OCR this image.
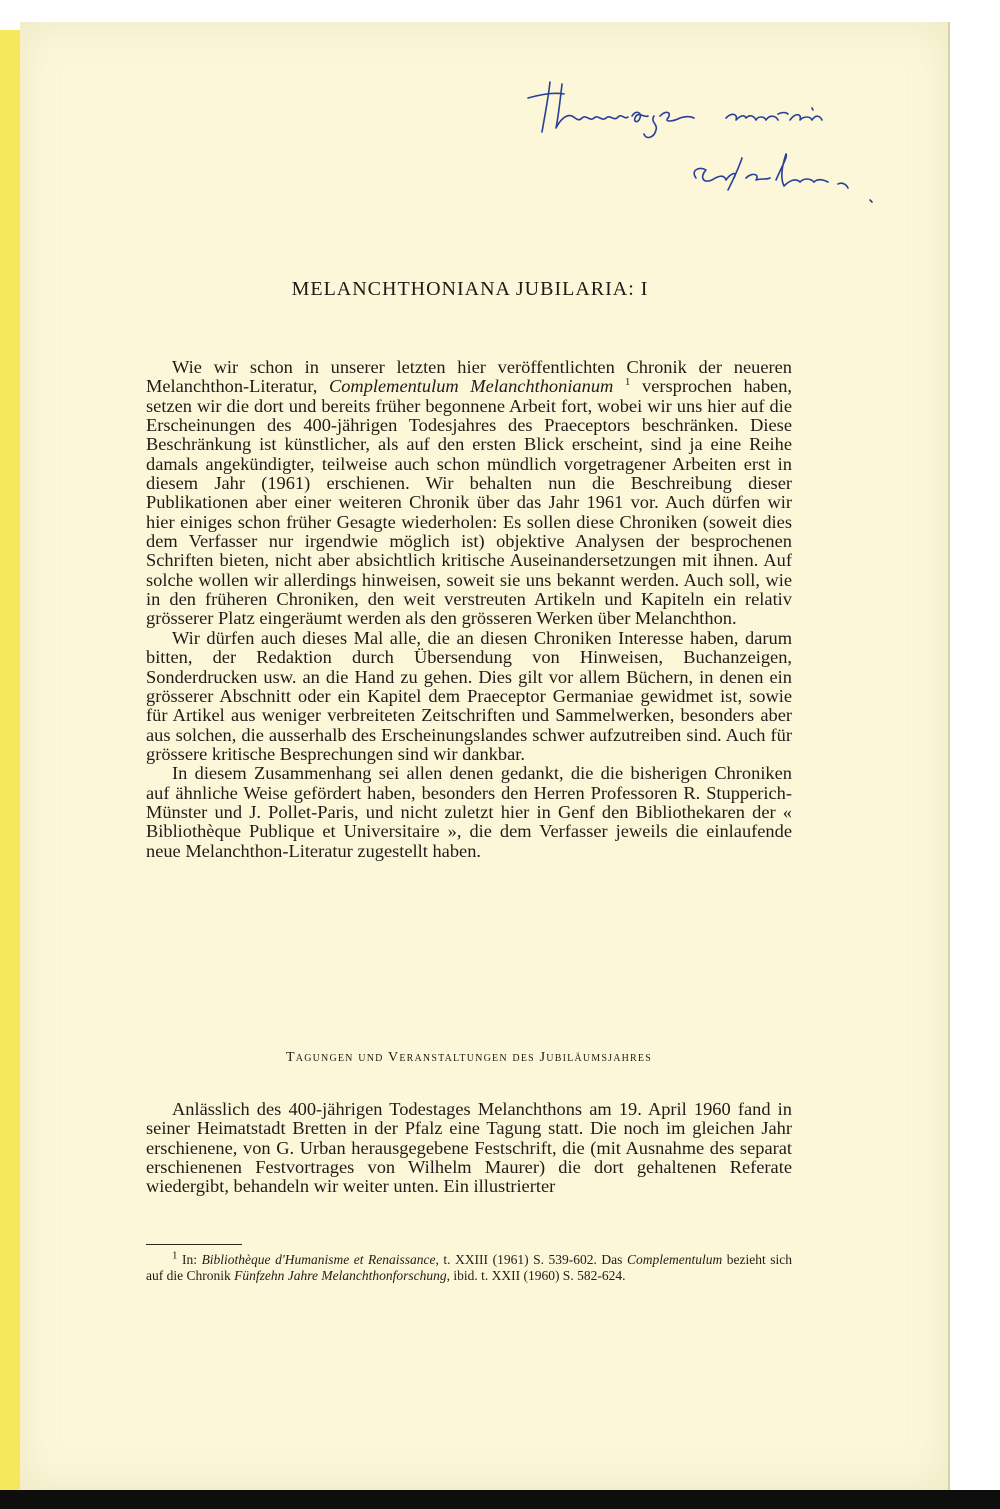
Hommage amical de l'auteur
MELANCHTHONIANA JUBILARIA: I

Wie wir schon in unserer letzten hier veröffentlichten Chronik der neueren Melanchthon-Literatur, Complementulum Melanchthonianum $^1$ versprochen haben, setzen wir die dort und bereits früher begonnene Arbeit fort, wobei wir uns hier auf die Erscheinungen des 400-jährigen Todesjahres des Praeceptors beschränken. Diese Beschränkung ist künstlicher, als auf den ersten Blick erscheint, sind ja eine Reihe damals angekündigter, teilweise auch schon mündlich vorgetragener Arbeiten erst in diesem Jahr (1961) erschienen. Wir behalten nun die Beschreibung dieser Publikationen aber einer weiteren Chronik über das Jahr 1961 vor. Auch dürfen wir hier einiges schon früher Gesagte wiederholen: Es sollen diese Chroniken (soweit dies dem Verfasser nur irgendwie möglich ist) objektive Analysen der besprochenen Schriften bieten, nicht aber absichtlich kritische Auseinandersetzungen mit ihnen. Auf solche wollen wir allerdings hinweisen, soweit sie uns bekannt werden. Auch soll, wie in den früheren Chroniken, den weit verstreuten Artikeln und Kapiteln ein relativ grösserer Platz eingeräumt werden als den grösseren Werken über Melanchthon.

Wir dürfen auch dieses Mal alle, die an diesen Chroniken Interesse haben, darum bitten, der Redaktion durch Übersendung von Hinweisen, Buchanzeigen, Sonderdrucken usw. an die Hand zu gehen. Dies gilt vor allem Büchern, in denen ein grösserer Abschnitt oder ein Kapitel dem Praeceptor Germaniae gewidmet ist, sowie für Artikel aus weniger verbreiteten Zeitschriften und Sammelwerken, besonders aber aus solchen, die ausserhalb des Erscheinungslandes schwer aufzutreiben sind. Auch für grössere kritische Besprechungen sind wir dankbar.

In diesem Zusammenhang sei allen denen gedankt, die die bisherigen Chroniken auf ähnliche Weise gefördert haben, besonders den Herren Professoren R. Stupperich-Münster und J. Pollet-Paris, und nicht zuletzt hier in Genf den Bibliothekaren der « Bibliothèque Publique et Universitaire », die dem Verfasser jeweils die einlaufende neue Melanchthon-Literatur zugestellt haben.

Tagungen und Veranstaltungen des Jubiläumsjahres

Anlässlich des 400-jährigen Todestages Melanchthons am 19. April 1960 fand in seiner Heimatstadt Bretten in der Pfalz eine Tagung statt. Die noch im gleichen Jahr erschienene, von G. Urban herausgegebene Festschrift, die (mit Ausnahme des separat erschienenen Festvortrages von Wilhelm Maurer) die dort gehaltenen Referate wiedergibt, behandeln wir weiter unten. Ein illustrierter

$^1$ In: Bibliothèque d'Humanisme et Renaissance, t. XXIII (1961) S. 539-602. Das Complementulum bezieht sich auf die Chronik Fünfzehn Jahre Melanchthonforschung, ibid. t. XXII (1960) S. 582-624.
